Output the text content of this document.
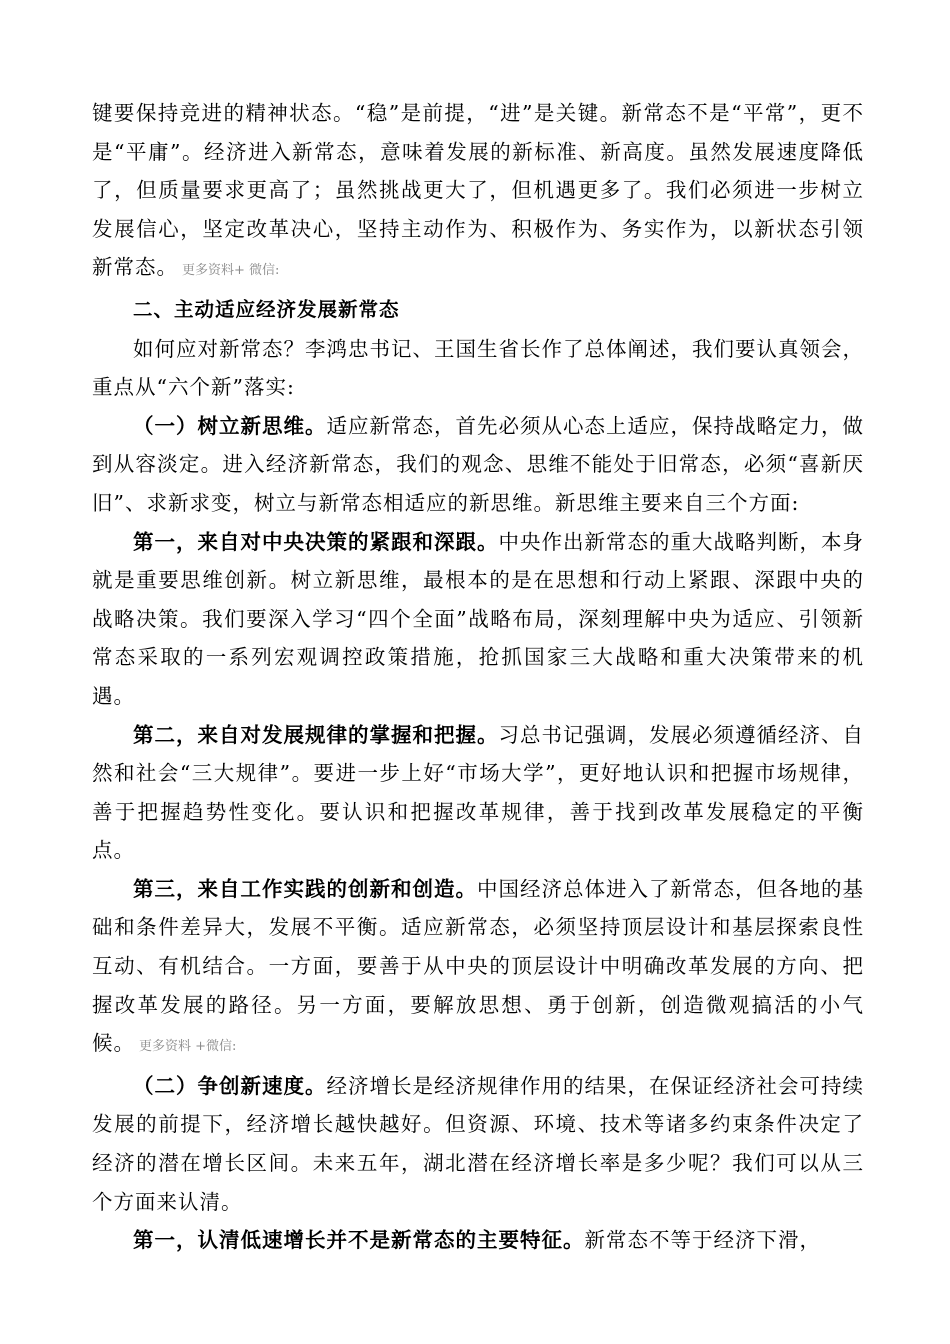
键要保持竞进的精神状态。“稳”是前提，“进”是关键。新常态不是“平常”，更不是“平庸”。经济进入新常态，意味着发展的新标准、新高度。虽然发展速度降低了，但质量要求更高了；虽然挑战更大了，但机遇更多了。我们必须进一步树立发展信心，坚定改革决心，坚持主动作为、积极作为、务实作为，以新状态引领新常态。 更多资料+ 微信:

二、主动适应经济发展新常态

如何应对新常态？李鸿忠书记、王国生省长作了总体阐述，我们要认真领会，重点从“六个新”落实:

（一）树立新思维。适应新常态，首先必须从心态上适应，保持战略定力，做到从容淡定。进入经济新常态，我们的观念、思维不能处于旧常态，必须“喜新厌旧”、求新求变，树立与新常态相适应的新思维。新思维主要来自三个方面:

第一，来自对中央决策的紧跟和深跟。中央作出新常态的重大战略判断，本身就是重要思维创新。树立新思维，最根本的是在思想和行动上紧跟、深跟中央的战略决策。我们要深入学习“四个全面”战略布局，深刻理解中央为适应、引领新常态采取的一系列宏观调控政策措施，抢抓国家三大战略和重大决策带来的机遇。

第二，来自对发展规律的掌握和把握。习总书记强调，发展必须遵循经济、自然和社会“三大规律”。要进一步上好“市场大学”，更好地认识和把握市场规律，善于把握趋势性变化。要认识和把握改革规律，善于找到改革发展稳定的平衡点。

第三，来自工作实践的创新和创造。中国经济总体进入了新常态，但各地的基础和条件差异大，发展不平衡。适应新常态，必须坚持顶层设计和基层探索良性互动、有机结合。一方面，要善于从中央的顶层设计中明确改革发展的方向、把握改革发展的路径。另一方面，要解放思想、勇于创新，创造微观搞活的小气候。 更多资料 +微信:

（二）争创新速度。经济增长是经济规律作用的结果，在保证经济社会可持续发展的前提下，经济增长越快越好。但资源、环境、技术等诸多约束条件决定了经济的潜在增长区间。未来五年，湖北潜在经济增长率是多少呢？我们可以从三个方面来认清。

第一，认清低速增长并不是新常态的主要特征。新常态不等于经济下滑，
